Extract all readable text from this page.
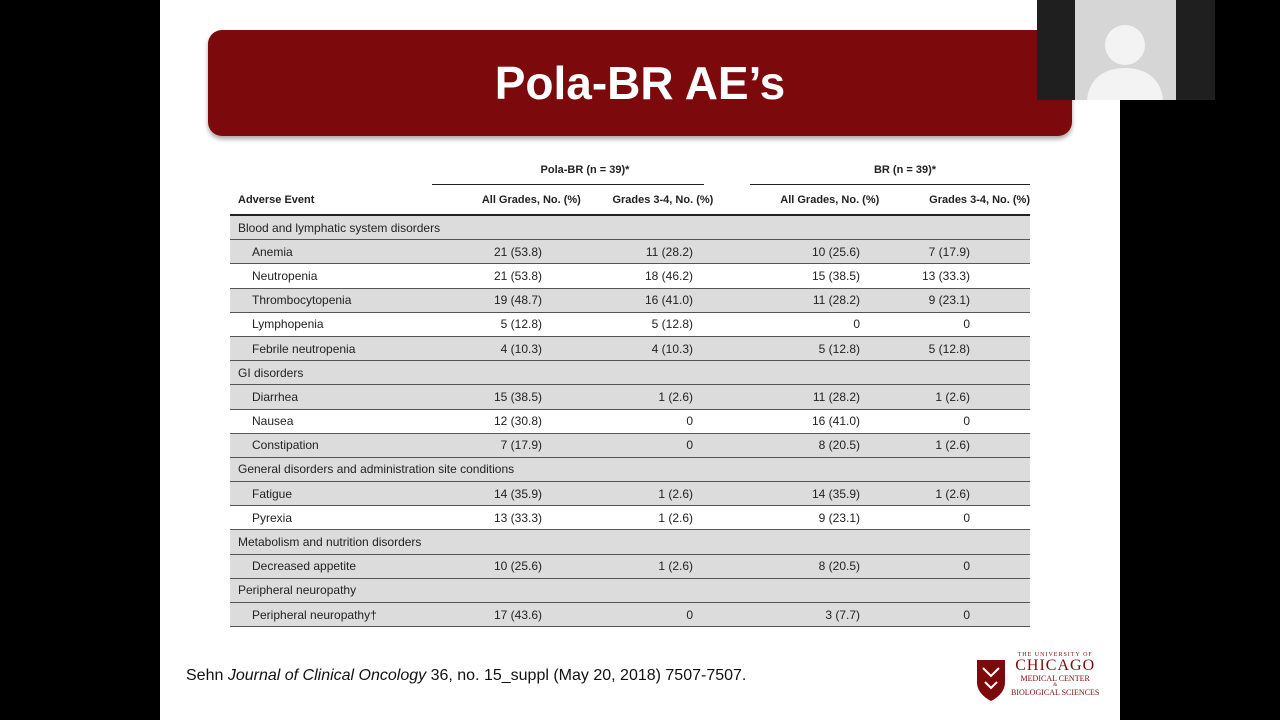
Pola-BR AE’s
Pola-BR (n = 39)*	BR (n = 39)*
Adverse Event	All Grades, No. (%)	Grades 3-4, No. (%)	All Grades, No. (%)	Grades 3-4, No. (%)
Blood and lymphatic system disorders
Anemia	21 (53.8)	11 (28.2)	10 (25.6)	7 (17.9)
Neutropenia	21 (53.8)	18 (46.2)	15 (38.5)	13 (33.3)
Thrombocytopenia	19 (48.7)	16 (41.0)	11 (28.2)	9 (23.1)
Lymphopenia	5 (12.8)	5 (12.8)	0	0
Febrile neutropenia	4 (10.3)	4 (10.3)	5 (12.8)	5 (12.8)
GI disorders
Diarrhea	15 (38.5)	1 (2.6)	11 (28.2)	1 (2.6)
Nausea	12 (30.8)	0	16 (41.0)	0
Constipation	7 (17.9)	0	8 (20.5)	1 (2.6)
General disorders and administration site conditions
Fatigue	14 (35.9)	1 (2.6)	14 (35.9)	1 (2.6)
Pyrexia	13 (33.3)	1 (2.6)	9 (23.1)	0
Metabolism and nutrition disorders
Decreased appetite	10 (25.6)	1 (2.6)	8 (20.5)	0
Peripheral neuropathy
Peripheral neuropathy†	17 (43.6)	0	3 (7.7)	0
Sehn Journal of Clinical Oncology 36, no. 15_suppl (May 20, 2018) 7507-7507.
THE UNIVERSITY OF
CHICAGO
MEDICAL CENTER
&
BIOLOGICAL SCIENCES
